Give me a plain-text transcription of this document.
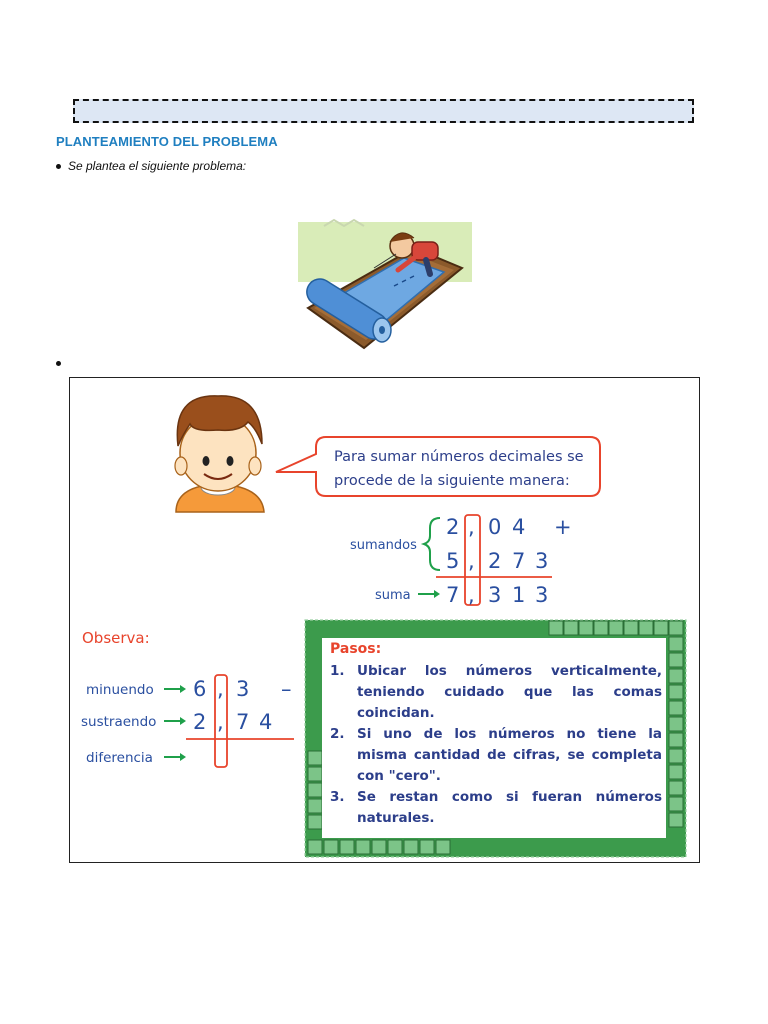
PLANTEAMIENTO DEL PROBLEMA
Se plantea el siguiente problema:
Para sumar números decimales se
procede de la siguiente manera:
sumandos
2 , 0 4 +
5 , 2 7 3
suma 7 , 3 1 3
Observa:
minuendo
sustraendo
diferencia
6 , 3 –
2 , 7 4
Pasos:
1. Ubicar los números verticalmente, teniendo cuidado que las comas coincidan.
2. Si uno de los números no tiene la misma cantidad de cifras, se completa con "cero".
3. Se restan como si fueran números naturales.
